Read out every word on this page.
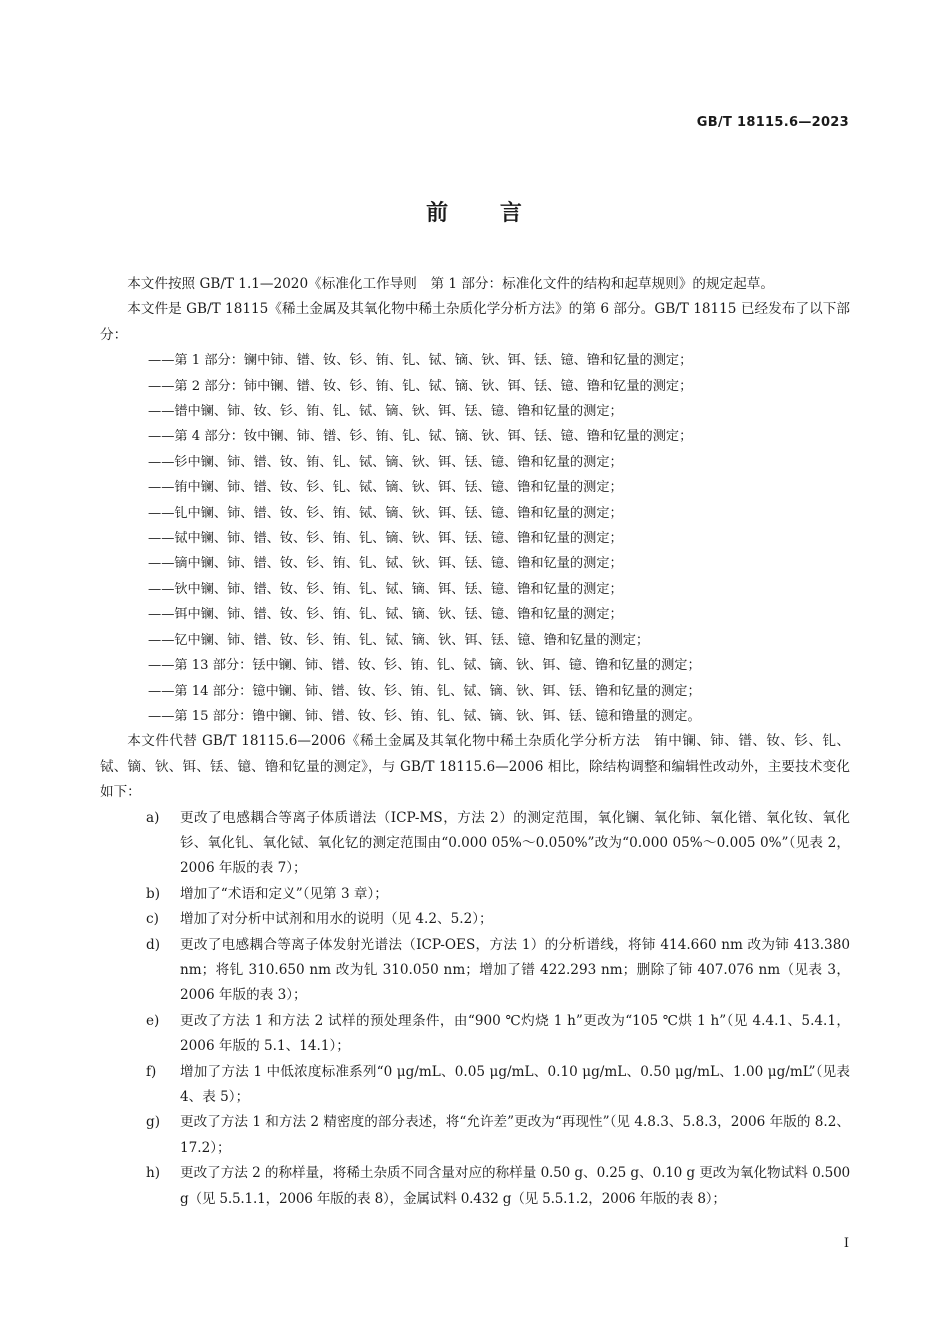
GB/T 18115.6—2023
前 言

本文件按照 GB/T 1.1—2020《标准化工作导则　第 1 部分：标准化文件的结构和起草规则》的规定起草。

本文件是 GB/T 18115《稀土金属及其氧化物中稀土杂质化学分析方法》的第 6 部分。GB/T 18115 已经发布了以下部分：

——第 1 部分：镧中铈、镨、钕、钐、铕、钆、铽、镝、钬、铒、铥、镱、镥和钇量的测定；
——第 2 部分：铈中镧、镨、钕、钐、铕、钆、铽、镝、钬、铒、铥、镱、镥和钇量的测定；
——镨中镧、铈、钕、钐、铕、钆、铽、镝、钬、铒、铥、镱、镥和钇量的测定；
——第 4 部分：钕中镧、铈、镨、钐、铕、钆、铽、镝、钬、铒、铥、镱、镥和钇量的测定；
——钐中镧、铈、镨、钕、铕、钆、铽、镝、钬、铒、铥、镱、镥和钇量的测定；
——铕中镧、铈、镨、钕、钐、钆、铽、镝、钬、铒、铥、镱、镥和钇量的测定；
——钆中镧、铈、镨、钕、钐、铕、铽、镝、钬、铒、铥、镱、镥和钇量的测定；
——铽中镧、铈、镨、钕、钐、铕、钆、镝、钬、铒、铥、镱、镥和钇量的测定；
——镝中镧、铈、镨、钕、钐、铕、钆、铽、钬、铒、铥、镱、镥和钇量的测定；
——钬中镧、铈、镨、钕、钐、铕、钆、铽、镝、铒、铥、镱、镥和钇量的测定；
——铒中镧、铈、镨、钕、钐、铕、钆、铽、镝、钬、铥、镱、镥和钇量的测定；
——钇中镧、铈、镨、钕、钐、铕、钆、铽、镝、钬、铒、铥、镱、镥和钇量的测定；
——第 13 部分：铥中镧、铈、镨、钕、钐、铕、钆、铽、镝、钬、铒、镱、镥和钇量的测定；
——第 14 部分：镱中镧、铈、镨、钕、钐、铕、钆、铽、镝、钬、铒、铥、镥和钇量的测定；
——第 15 部分：镥中镧、铈、镨、钕、钐、铕、钆、铽、镝、钬、铒、铥、镱和镥量的测定。

本文件代替 GB/T 18115.6—2006《稀土金属及其氧化物中稀土杂质化学分析方法　铕中镧、铈、镨、钕、钐、钆、铽、镝、钬、铒、铥、镱、镥和钇量的测定》，与 GB/T 18115.6—2006 相比，除结构调整和编辑性改动外，主要技术变化如下：

a) 更改了电感耦合等离子体质谱法（ICP-MS，方法 2）的测定范围，氧化镧、氧化铈、氧化镨、氧化钕、氧化钐、氧化钆、氧化铽、氧化钇的测定范围由“0.000 05%～0.050%”改为“0.000 05%～0.005 0%”（见表 2，2006 年版的表 7）；
b) 增加了“术语和定义”（见第 3 章）；
c) 增加了对分析中试剂和用水的说明（见 4.2、5.2）；
d) 更改了电感耦合等离子体发射光谱法（ICP-OES，方法 1）的分析谱线，将铈 414.660 nm 改为铈 413.380 nm；将钆 310.650 nm 改为钆 310.050 nm；增加了镨 422.293 nm；删除了铈 407.076 nm（见表 3，2006 年版的表 3）；
e) 更改了方法 1 和方法 2 试样的预处理条件，由“900 ℃灼烧 1 h”更改为“105 ℃烘 1 h”（见 4.4.1、5.4.1，2006 年版的 5.1、14.1）；
f) 增加了方法 1 中低浓度标准系列“0 μg/mL、0.05 μg/mL、0.10 μg/mL、0.50 μg/mL、1.00 μg/mL”（见表 4、表 5）；
g) 更改了方法 1 和方法 2 精密度的部分表述，将“允许差”更改为“再现性”（见 4.8.3、5.8.3，2006 年版的 8.2、17.2）；
h) 更改了方法 2 的称样量，将稀土杂质不同含量对应的称样量 0.50 g、0.25 g、0.10 g 更改为氧化物试料 0.500 g（见 5.5.1.1，2006 年版的表 8），金属试料 0.432 g（见 5.5.1.2，2006 年版的表 8）；
Ⅰ
